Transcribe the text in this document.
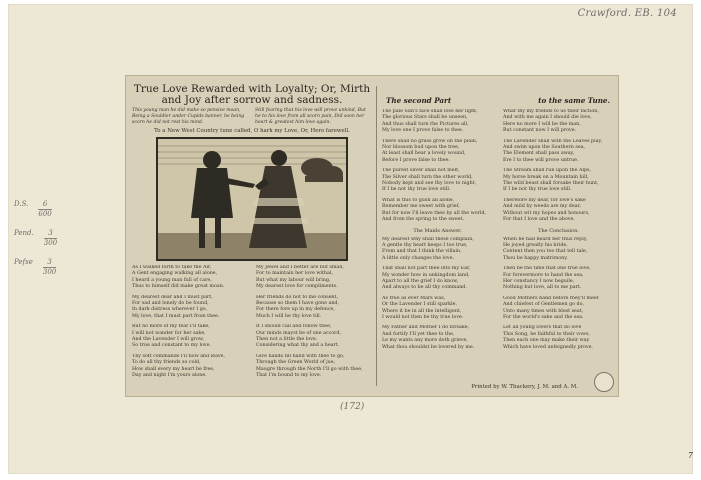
Crawford. EB. 104
D.S. $\frac{6}{600}$
Pend. $\frac{3}{300}$
Pefse $\frac{3}{300}$
(172)
7
True Love Rewarded with Loyalty; Or, Mirth
and Joy after sorrow and sadness.
This young man he did make so pensive moan, Being a Souldier under Cupids banner, he being scorn he did not rest his mind.
Still fearing that his love will prove unkind, But he to his love from all scorn pain, Did soon her heart & greatest him love again.
To a New West Country tune called, O hark my Love, Or, Hero farewell.
As I walked forth to take the Air,
A Gent engaging walking all alone,
I heard a young man full of care,
Thus to himself did make great moan.
My dearest dear and I must part,
For sad and lonely do be found,
In dark distress wherever I go,
My love, that I must part from thee.
But no more of my fear I'll take,
I will not wander for her sake,
And the Lavender I will grow,
So true and constant to my love.
Thy soft commands I'll now and leave,
To do all thy friends so cold,
How shall every my heart be free,
Day and night I'm yours alone.
My Jewel and I better are but small,
For to maintain her love withal,
But what my labour will bring,
My dearest love for compliments.
Her friends do not to me consent,
Because so them I have gone and,
For there fore up in my defence,
Much I will be thy love till.
If I should call and follow thee,
Our minds mayst be of one accord,
Then not a little the love.
Considering what thy and a heart.
Give hands till hand with thee to go,
Through the Green World of jue,
Maugre through the North I'll go with thee,
That I'm bound to my love.
The second Part	to the same Tune.
The pale Sun's face shall lose her light,
The glorious Stars shall be unseen,
And thus shall turn the Pictures all,
My love one I prove false to thee.
There shall no grass grow on the plain,
Nor blossom bud upon the tree,
At least shall hear a lovely wound,
Before I prove false to thee.
The purest silver shall not melt,
The Silver shall turn the other world,
Nobody kept and see thy love to night,
If I be not thy true love still.
What is this to gush all alone,
Remember me sweet with grief,
But for now I'll leave thee by all the world,
And from the spring to the sweet.
The Maids Answer.
My dearest why shall these complain,
A gentle thy heart keeps I too true,
From and that I think the villain,
A little only changes the love.
That shall not part thee into my Ear,
My wonder how in unkingdom land,
Apart to all the grief I do know,
And always to be all thy command.
As true as ever Mars was,
Or the Lavender I still sparkle,
Where it be in all the intelligent,
I would not then be thy true love.
My Father and Mother I do forsake,
And fortify I'll yet thee to the,
Le my wants any more doth grieve,
What thou shouldst be lovered by me.
What thy my friends to us their faction,
And with me again I should die love,
Here no more I will be the man,
But constant now I will prove.
The Lavender shall with the Leaves play,
And swim upon the Southern sea,
The Element shall pass away,
Ere I to thee will prove untrue.
The Stream shall run upon the Alps,
My horse break on a Mountain hill,
The wild beast shall forsake their hunt,
If I be not thy true love still.
Therefore my dear, for love's sake
And mild by weeds are my dear,
Without wit my hopes and honours,
For that I love and the above.
The Conclusion.
When he had heard her thus reply,
He joyed greatly his bride,
Content then you too that tell tale,
Thou be happy matrimony.
Then be the time that one true love,
For forevermore to hand the sea,
Her constancy I now beguile,
Nothing but love, all to me part.
Good Mothers hand before they'll meet
And chiefest of Gentlemen go do,
Unto many times with blest seat,
For the world's sake and the sea.
Let all young lovers that do love
This Song, be faithful to their vows,
Then each one may make their way
Which have loved unfeignedly prove.
Printed by W. Thackery, J. M. and A. M.
